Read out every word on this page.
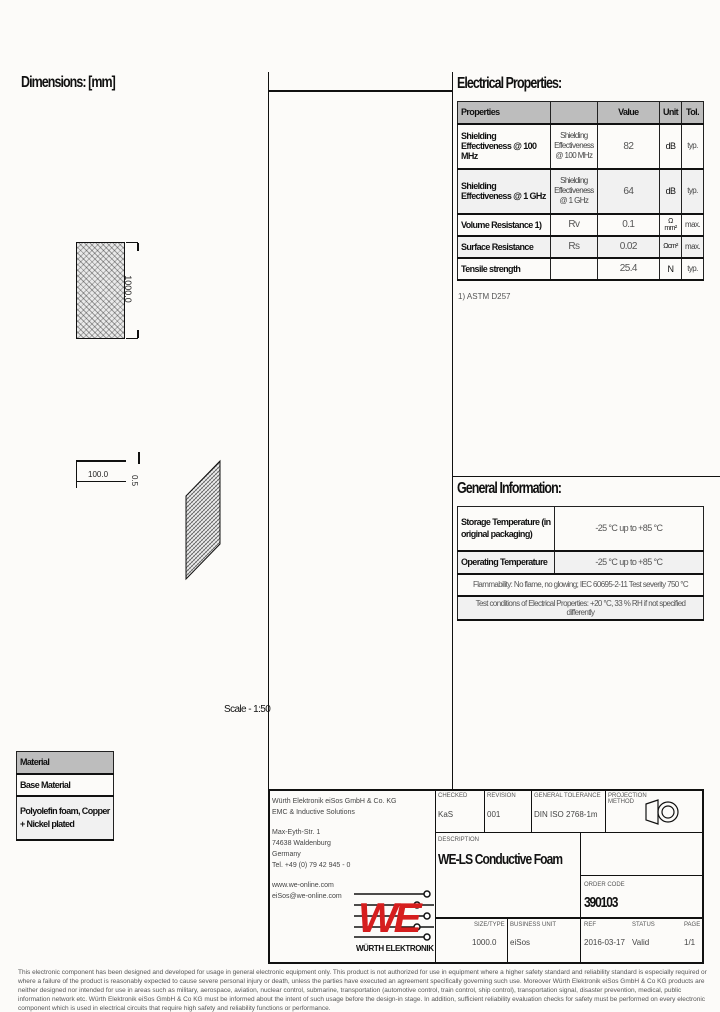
Dimensions: [mm]
1000.0
100.0
0.5
Scale - 1:50
Material
Base Material
Polyolefin foam, Copper + Nickel plated
Electrical Properties:
Properties		Value	Unit	Tol.
Shielding Effectiveness @ 100 MHz	Shielding Effectiveness @ 100 MHz	82	dB	typ.
Shielding Effectiveness @ 1 GHz	Shielding Effectiveness @ 1 GHz	64	dB	typ.
Volume Resistance 1)	Rv	0.1	Ω mm²	max.
Surface Resistance	Rs	0.02	Ωcm²	max.
Tensile strength		25.4	N	typ.
1) ASTM D257
General Information:
Storage Temperature (in original packaging)	-25 °C up to +85 °C
Operating Temperature	-25 °C up to +85 °C
Flammability: No flame, no glowing; IEC 60695-2-11 Test severity 750 °C	
Test conditions of Electrical Properties: +20 °C, 33 % RH if not specified differently	
Würth Elektronik eiSos GmbH & Co. KG
EMC & Inductive Solutions
Max-Eyth-Str. 1
74638 Waldenburg
Germany
Tel. +49 (0) 79 42 945 - 0
www.we-online.com
eiSos@we-online.com WE
WÜRTH ELEKTRONIK
CHECKED
KaS
REVISION
001
GENERAL TOLERANCE
DIN ISO 2768-1m
PROJECTION METHOD
DESCRIPTION
WE-LS Conductive Foam
ORDER CODE
390103
SIZE/TYPE
1000.0
BUSINESS UNIT
eiSos
REF
2016-03-17
STATUS
Valid
PAGE
1/1
This electronic component has been designed and developed for usage in general electronic equipment only. This product is not authorized for use in equipment where a higher safety standard and reliability standard is especially required or where a failure of the product is reasonably expected to cause severe personal injury or death, unless the parties have executed an agreement specifically governing such use. Moreover Würth Elektronik eiSos GmbH & Co KG products are neither designed nor intended for use in areas such as military, aerospace, aviation, nuclear control, submarine, transportation (automotive control, train control, ship control), transportation signal, disaster prevention, medical, public information network etc. Würth Elektronik eiSos GmbH & Co KG must be informed about the intent of such usage before the design-in stage. In addition, sufficient reliability evaluation checks for safety must be performed on every electronic component which is used in electrical circuits that require high safety and reliability functions or performance.
